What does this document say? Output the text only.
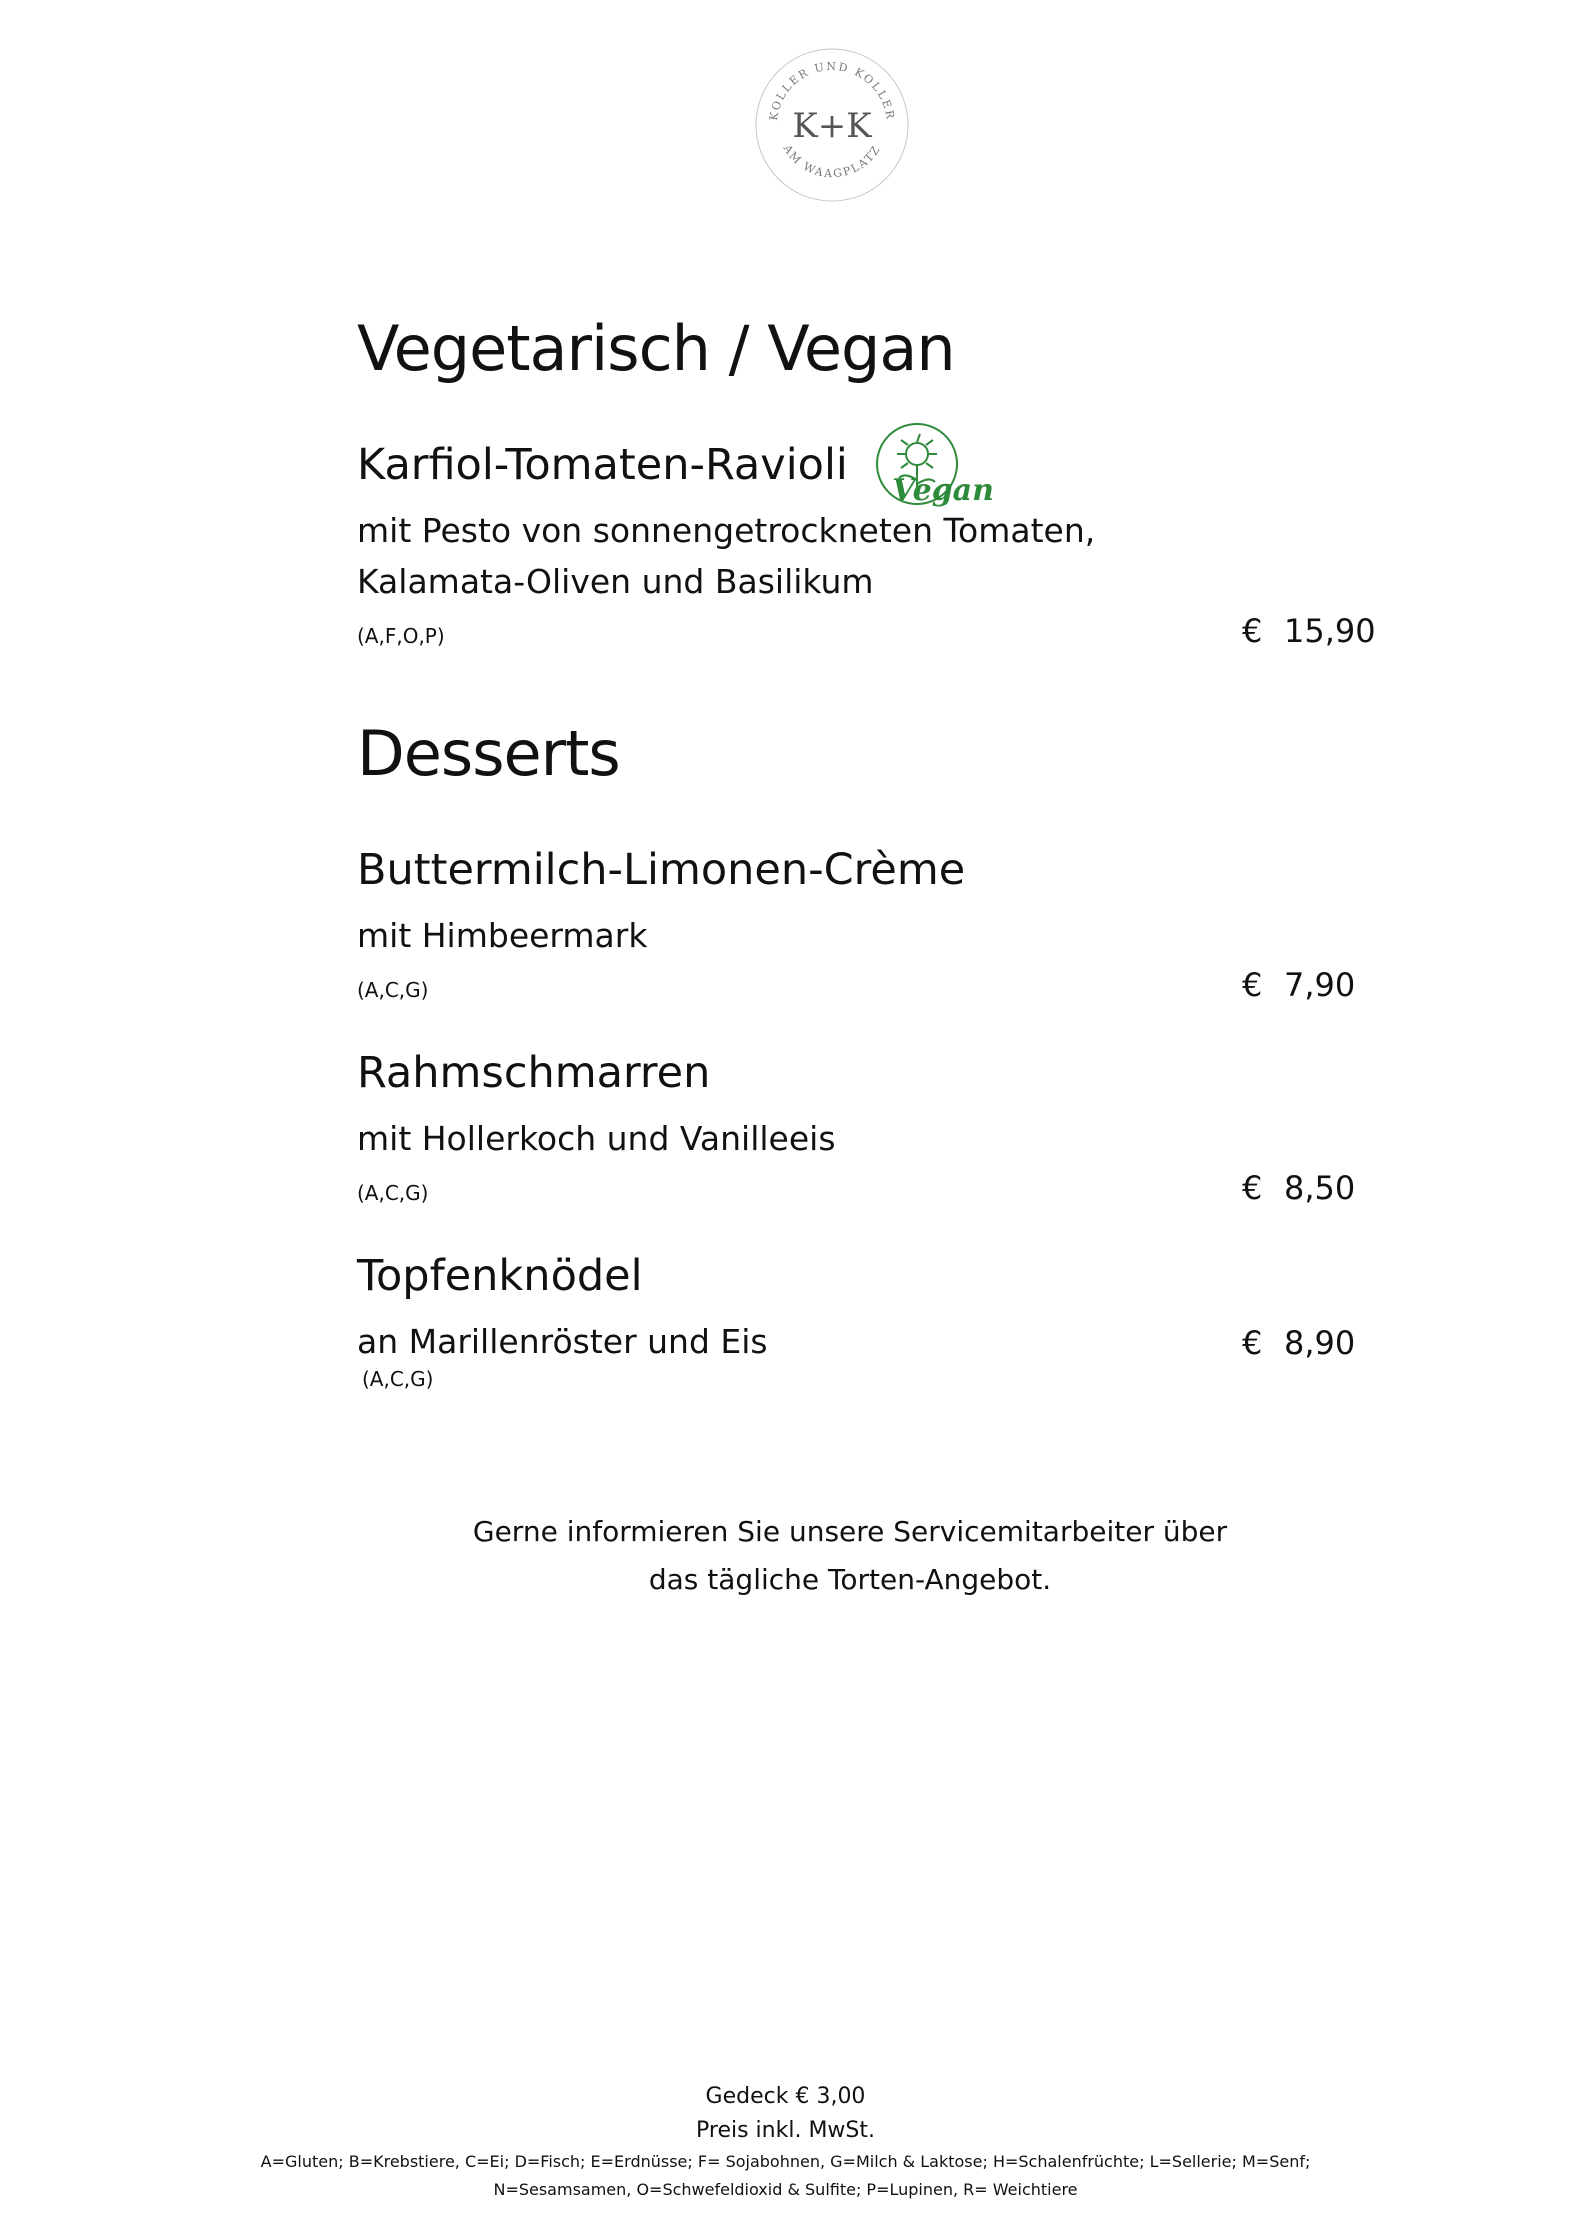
KOLLER UND KOLLER
K+K
AM WAAGPLATZ
Vegetarisch / Vegan
Karfiol-Tomaten-Ravioli
Vegan
mit Pesto von sonnengetrockneten Tomaten,
Kalamata-Oliven und Basilikum
(A,F,O,P)	€ 15,90
Desserts
Buttermilch-Limonen-Crème
mit Himbeermark
(A,C,G)	€ 7,90
Rahmschmarren
mit Hollerkoch und Vanilleeis
(A,C,G)	€ 8,50
Topfenknödel
an Marillenröster und Eis
(A,C,G)
€ 8,90
Gerne informieren Sie unsere Servicemitarbeiter über
das tägliche Torten-Angebot.
Gedeck € 3,00
Preis inkl. MwSt.
A=Gluten; B=Krebstiere, C=Ei; D=Fisch; E=Erdnüsse; F= Sojabohnen, G=Milch & Laktose; H=Schalenfrüchte; L=Sellerie; M=Senf;
N=Sesamsamen, O=Schwefeldioxid & Sulfite; P=Lupinen, R= Weichtiere
